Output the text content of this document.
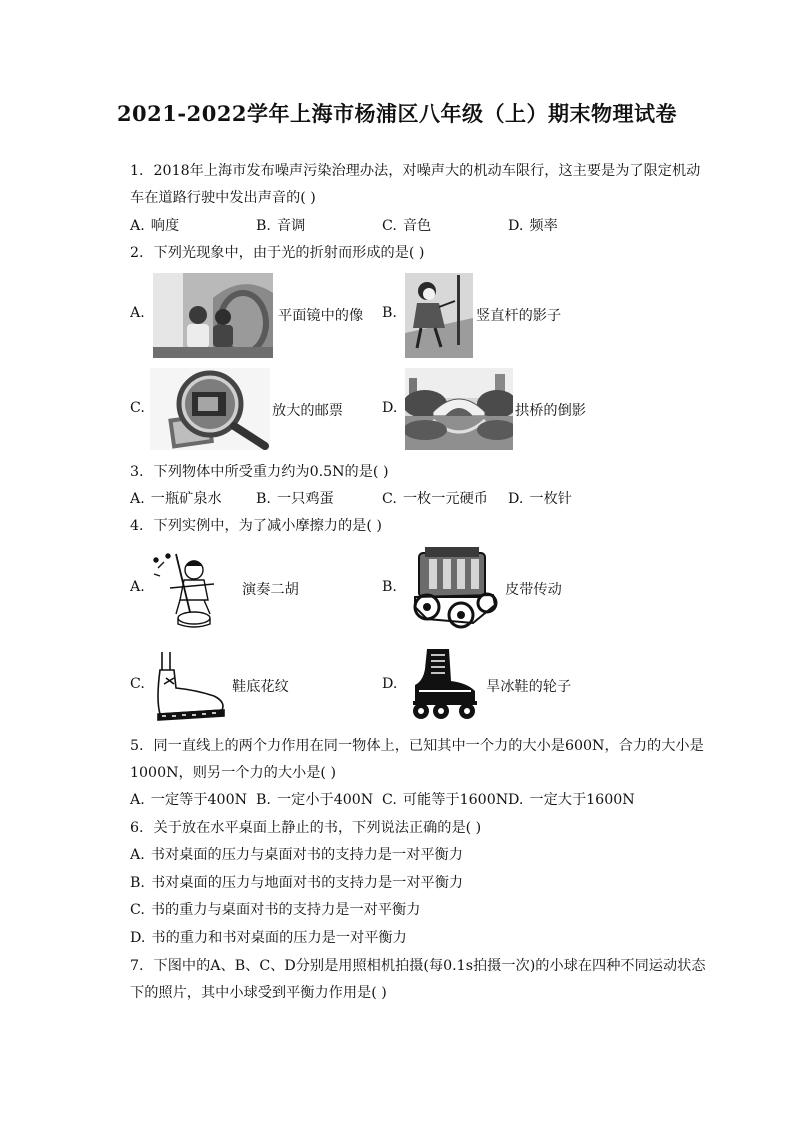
2021-2022学年上海市杨浦区八年级（上）期末物理试卷
1. 2018年上海市发布噪声污染治理办法，对噪声大的机动车限行，这主要是为了限定机动
车在道路行驶中发出声音的( )
A. 响度	B. 音调	C. 音色	D. 频率
2. 下列光现象中，由于光的折射而形成的是( )
A.	平面镜中的像 B.	竖直杆的影子
C.	放大的邮票	D.	拱桥的倒影
3. 下列物体中所受重力约为0.5N的是( )
A. 一瓶矿泉水 B. 一只鸡蛋	C. 一枚一元硬币 D. 一枚针
4. 下列实例中，为了减小摩擦力的是( )
A.	演奏二胡	B.	皮带传动
C.	鞋底花纹	D.	旱冰鞋的轮子
5. 同一直线上的两个力作用在同一物体上，已知其中一个力的大小是600N，合力的大小是
1000N，则另一个力的大小是( )
A. 一定等于400N B. 一定小于400N C. 可能等于1600ND. 一定大于1600N
6. 关于放在水平桌面上静止的书，下列说法正确的是( )
A. 书对桌面的压力与桌面对书的支持力是一对平衡力
B. 书对桌面的压力与地面对书的支持力是一对平衡力
C. 书的重力与桌面对书的支持力是一对平衡力
D. 书的重力和书对桌面的压力是一对平衡力
7. 下图中的A、B、C、D分别是用照相机拍摄(每0.1s拍摄一次)的小球在四种不同运动状态
下的照片，其中小球受到平衡力作用是( )
